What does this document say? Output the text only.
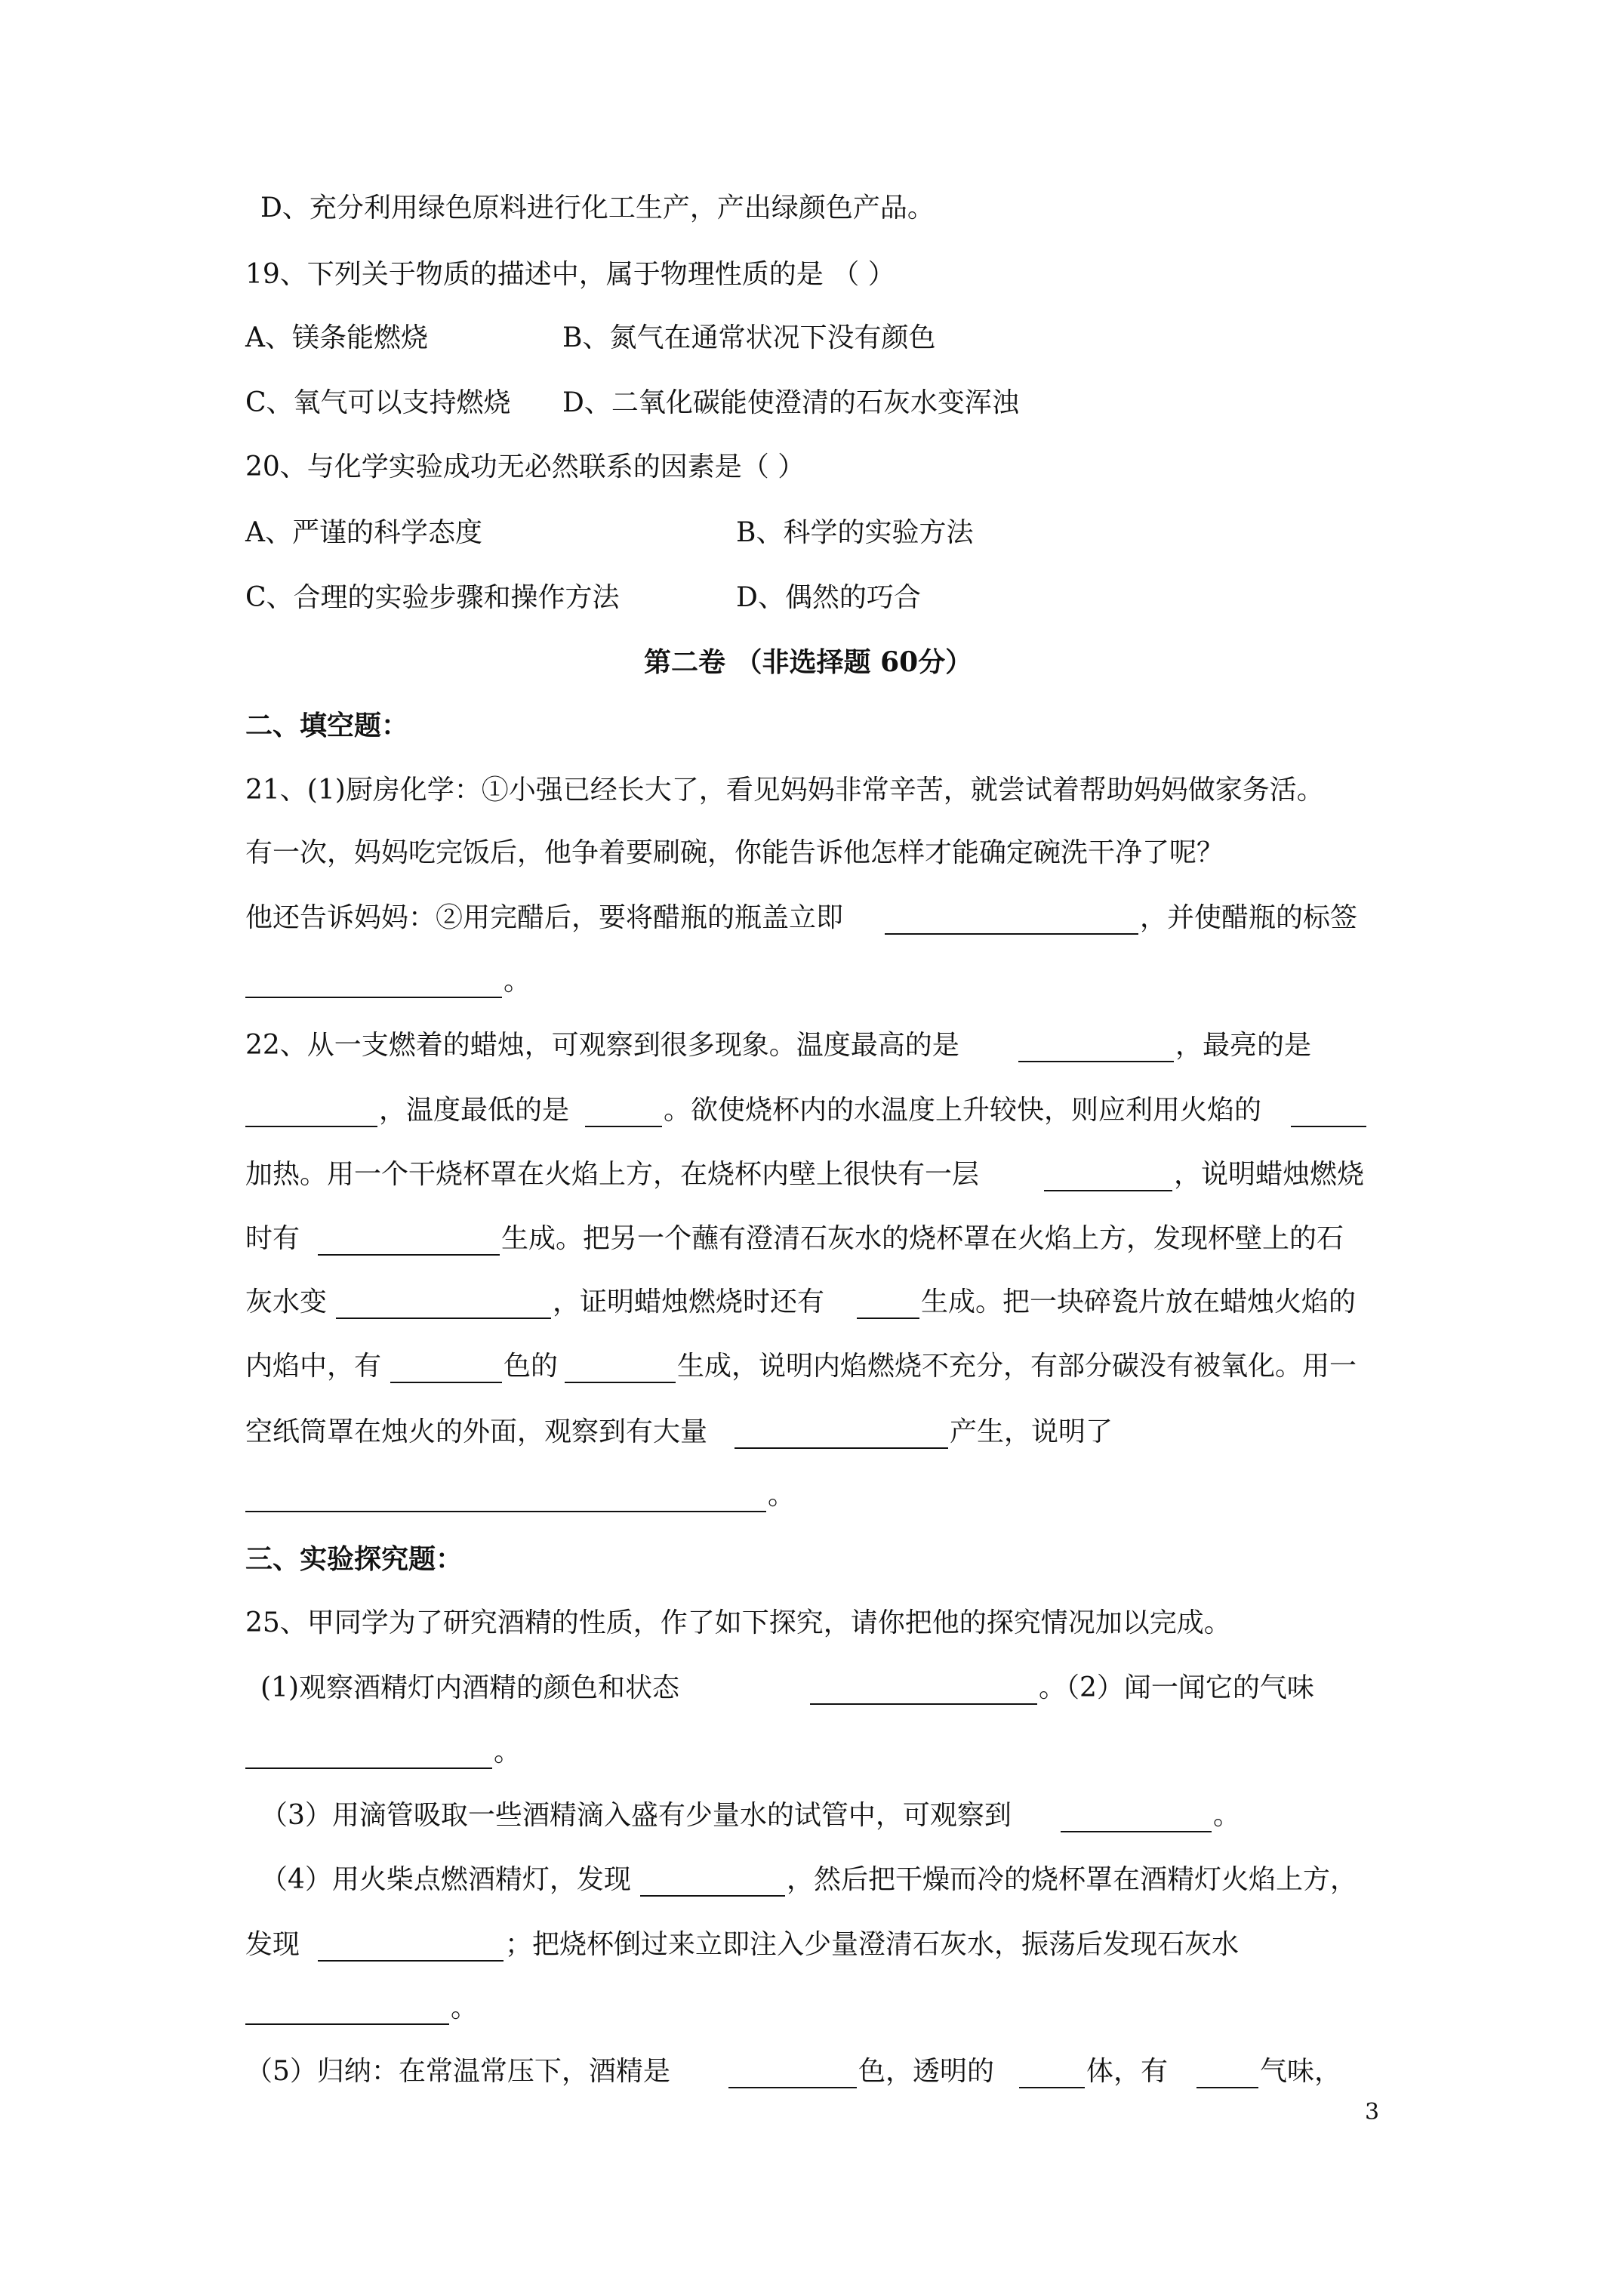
D、充分利用绿色原料进行化工生产，产出绿颜色产品。
19、下列关于物质的描述中，属于物理性质的是 （ ）
A、镁条能燃烧	B、氮气在通常状况下没有颜色
C、氧气可以支持燃烧 D、二氧化碳能使澄清的石灰水变浑浊
20、与化学实验成功无必然联系的因素是（ ）
A、严谨的科学态度	B、科学的实验方法
C、合理的实验步骤和操作方法	D、偶然的巧合
第二卷 （非选择题 60分）
二、填空题：
21、(1)厨房化学：①小强已经长大了，看见妈妈非常辛苦，就尝试着帮助妈妈做家务活。
有一次，妈妈吃完饭后，他争着要刷碗，你能告诉他怎样才能确定碗洗干净了呢？
他还告诉妈妈：②用完醋后，要将醋瓶的瓶盖立即	，并使醋瓶的标签
。
22、从一支燃着的蜡烛，可观察到很多现象。温度最高的是	，最亮的是
，温度最低的是	。欲使烧杯内的水温度上升较快，则应利用火焰的
加热。用一个干烧杯罩在火焰上方，在烧杯内壁上很快有一层	，说明蜡烛燃烧
时有	生成。把另一个蘸有澄清石灰水的烧杯罩在火焰上方，发现杯壁上的石
灰水变	，证明蜡烛燃烧时还有	生成。把一块碎瓷片放在蜡烛火焰的
内焰中，有	色的	生成，说明内焰燃烧不充分，有部分碳没有被氧化。用一
空纸筒罩在烛火的外面，观察到有大量	产生，说明了
。
三、实验探究题：
25、甲同学为了研究酒精的性质，作了如下探究，请你把他的探究情况加以完成。
(1)观察酒精灯内酒精的颜色和状态	。（2）闻一闻它的气味
。
（3）用滴管吸取一些酒精滴入盛有少量水的试管中，可观察到	。
（4）用火柴点燃酒精灯，发现	，然后把干燥而冷的烧杯罩在酒精灯火焰上方，
发现	；把烧杯倒过来立即注入少量澄清石灰水，振荡后发现石灰水
。
（5）归纳：在常温常压下，酒精是	色，透明的	体，有	气味，
3
